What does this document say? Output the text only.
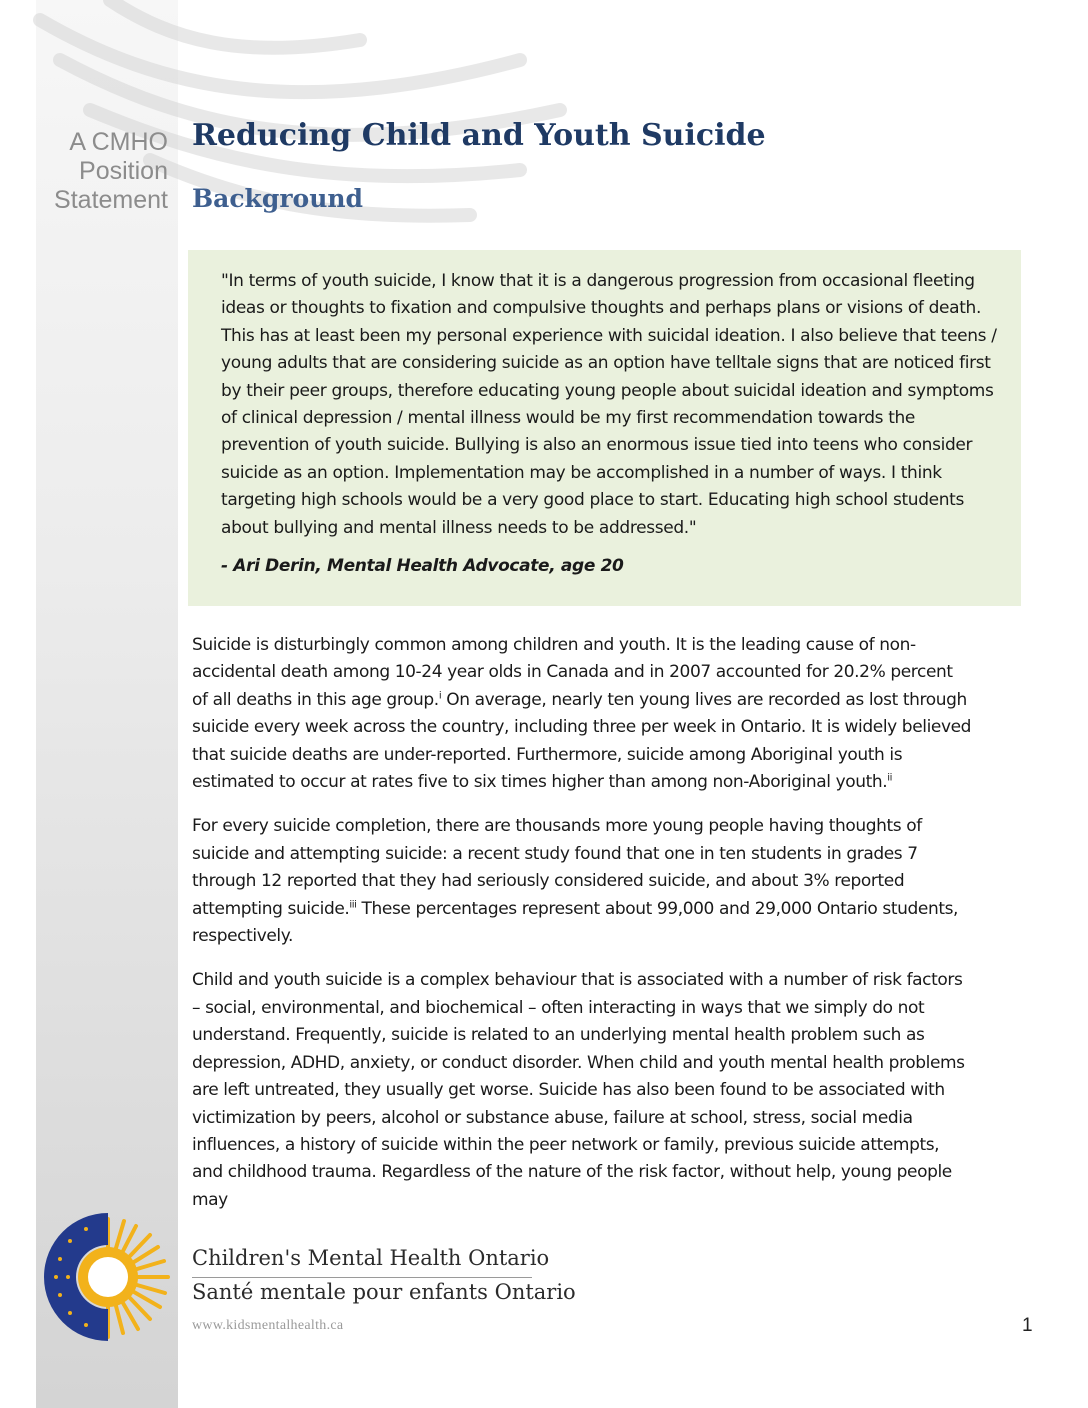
A CMHO
Position
Statement
Reducing Child and Youth Suicide
Background

"In terms of youth suicide, I know that it is a dangerous progression from occasional fleeting ideas or thoughts to fixation and compulsive thoughts and perhaps plans or visions of death. This has at least been my personal experience with suicidal ideation. I also believe that teens / young adults that are considering suicide as an option have telltale signs that are noticed first by their peer groups, therefore educating young people about suicidal ideation and symptoms of clinical depression / mental illness would be my first recommendation towards the prevention of youth suicide. Bullying is also an enormous issue tied into teens who consider suicide as an option. Implementation may be accomplished in a number of ways. I think targeting high schools would be a very good place to start. Educating high school students about bullying and mental illness needs to be addressed."

- Ari Derin, Mental Health Advocate, age 20

Suicide is disturbingly common among children and youth. It is the leading cause of non-accidental death among 10-24 year olds in Canada and in 2007 accounted for 20.2% percent of all deaths in this age group.$^i$ On average, nearly ten young lives are recorded as lost through suicide every week across the country, including three per week in Ontario. It is widely believed that suicide deaths are under-reported. Furthermore, suicide among Aboriginal youth is estimated to occur at rates five to six times higher than among non-Aboriginal youth.$^{ii}$

For every suicide completion, there are thousands more young people having thoughts of suicide and attempting suicide: a recent study found that one in ten students in grades 7 through 12 reported that they had seriously considered suicide, and about 3% reported attempting suicide.$^{iii}$ These percentages represent about 99,000 and 29,000 Ontario students, respectively.

Child and youth suicide is a complex behaviour that is associated with a number of risk factors – social, environmental, and biochemical – often interacting in ways that we simply do not understand. Frequently, suicide is related to an underlying mental health problem such as depression, ADHD, anxiety, or conduct disorder. When child and youth mental health problems are left untreated, they usually get worse. Suicide has also been found to be associated with victimization by peers, alcohol or substance abuse, failure at school, stress, social media influences, a history of suicide within the peer network or family, previous suicide attempts, and childhood trauma. Regardless of the nature of the risk factor, without help, young people may

Children's Mental Health Ontario

Santé mentale pour enfants Ontario

www.kidsmentalhealth.ca	1
